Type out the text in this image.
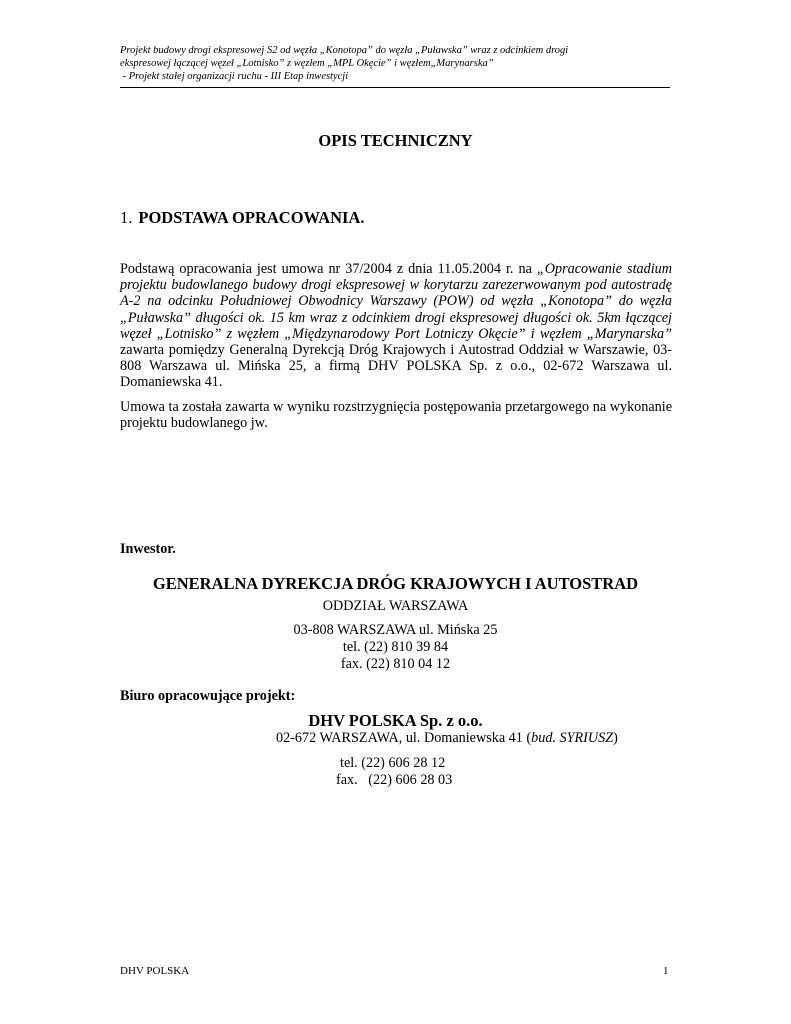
Projekt budowy drogi ekspresowej S2 od węzła „Konotopa” do węzła „Puławska” wraz z odcinkiem drogi
ekspresowej łączącej węzeł „Lotnisko” z węzłem „MPL Okęcie” i węzłem„Marynarska”
- Projekt stałej organizacji ruchu - III Etap inwestycji
OPIS TECHNICZNY
1. PODSTAWA OPRACOWANIA.
Podstawą opracowania jest umowa nr 37/2004 z dnia 11.05.2004 r. na „Opracowanie stadium projektu budowlanego budowy drogi ekspresowej w korytarzu zarezerwowanym pod autostradę A-2 na odcinku Południowej Obwodnicy Warszawy (POW) od węzła „Konotopa” do węzła „Puławska” długości ok. 15 km wraz z odcinkiem drogi ekspresowej długości ok. 5km łączącej węzeł „Lotnisko” z węzłem „Międzynarodowy Port Lotniczy Okęcie” i węzłem „Marynarska” zawarta pomiędzy Generalną Dyrekcją Dróg Krajowych i Autostrad Oddział w Warszawie, 03-808 Warszawa ul. Mińska 25, a firmą DHV POLSKA Sp. z o.o., 02-672 Warszawa ul. Domaniewska 41.
Umowa ta została zawarta w wyniku rozstrzygnięcia postępowania przetargowego na wykonanie projektu budowlanego jw.
Inwestor.
GENERALNA DYREKCJA DRÓG KRAJOWYCH I AUTOSTRAD
ODDZIAŁ WARSZAWA
03-808 WARSZAWA ul. Mińska 25
tel. (22) 810 39 84
fax. (22) 810 04 12
Biuro opracowujące projekt:
DHV POLSKA Sp. z o.o.
02-672 WARSZAWA, ul. Domaniewska 41 (bud. SYRIUSZ)
tel. (22) 606 28 12
fax.   (22) 606 28 03
DHV POLSKA	1
